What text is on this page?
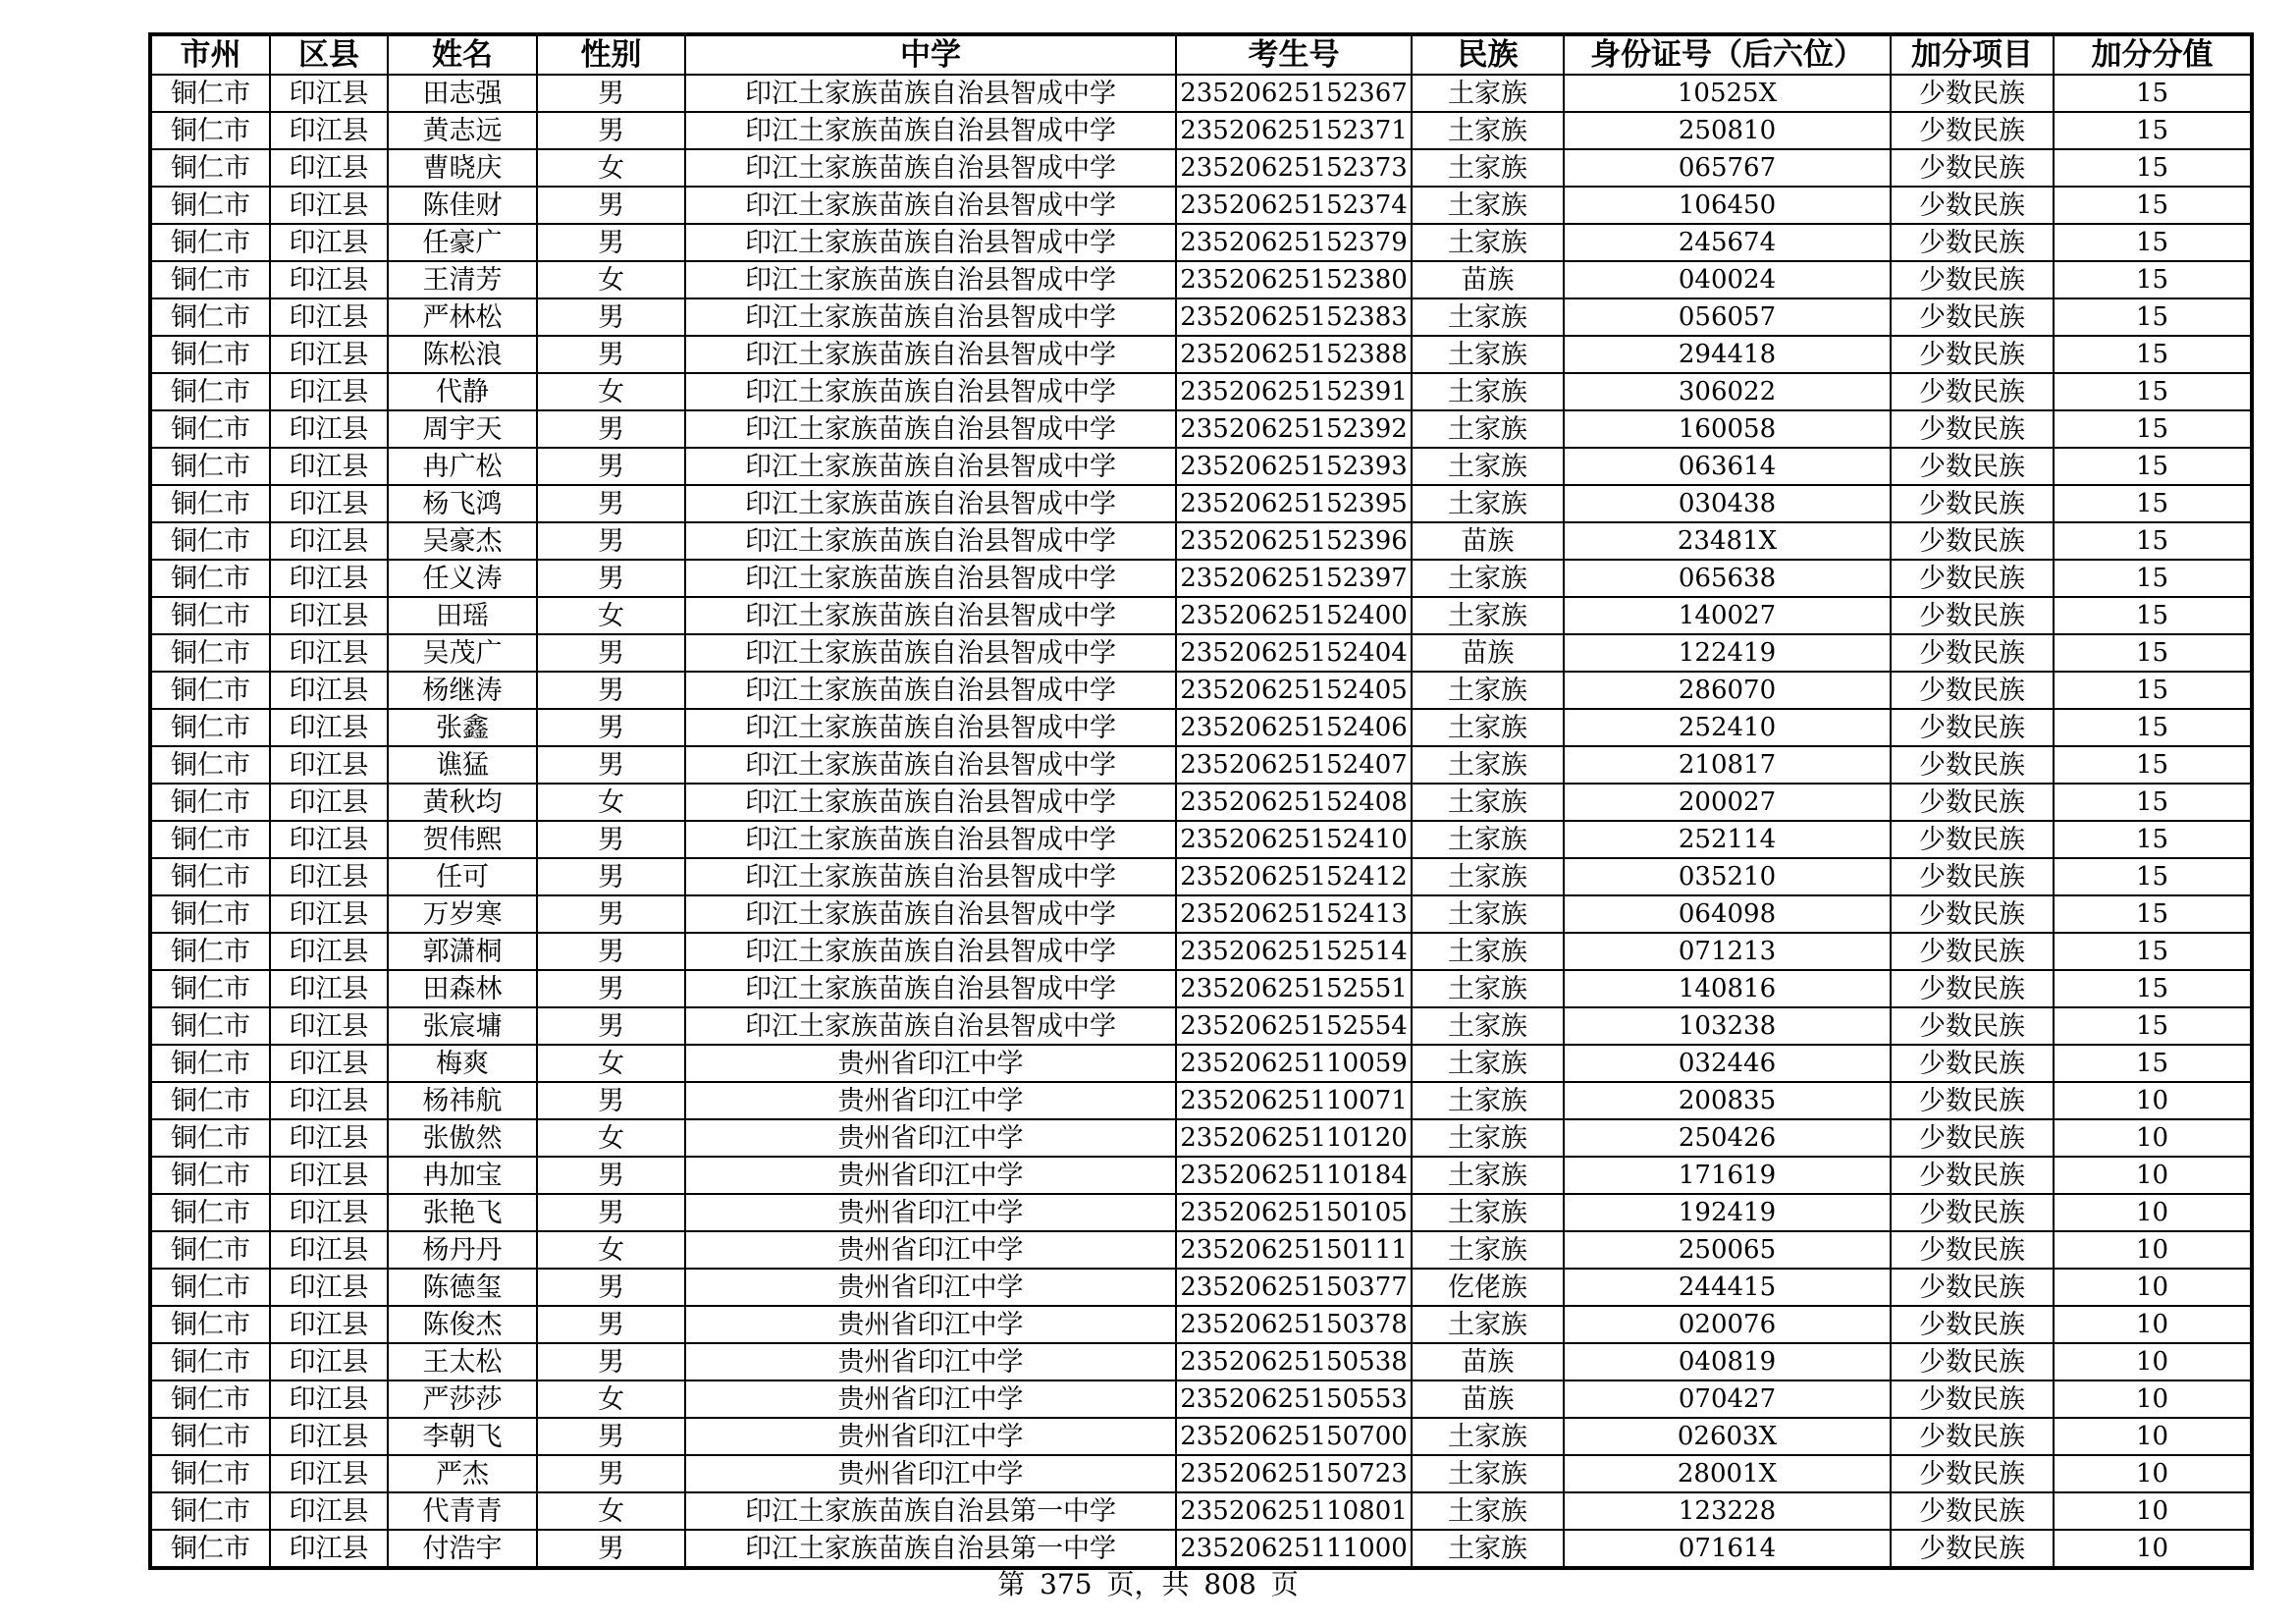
市州	区县	姓名	性别	中学	考生号	民族	身份证号（后六位）	加分项目	加分分值
铜仁市	印江县	田志强	男	印江土家族苗族自治县智成中学	23520625152367	土家族	10525X	少数民族	15
铜仁市	印江县	黄志远	男	印江土家族苗族自治县智成中学	23520625152371	土家族	250810	少数民族	15
铜仁市	印江县	曹晓庆	女	印江土家族苗族自治县智成中学	23520625152373	土家族	065767	少数民族	15
铜仁市	印江县	陈佳财	男	印江土家族苗族自治县智成中学	23520625152374	土家族	106450	少数民族	15
铜仁市	印江县	任豪广	男	印江土家族苗族自治县智成中学	23520625152379	土家族	245674	少数民族	15
铜仁市	印江县	王清芳	女	印江土家族苗族自治县智成中学	23520625152380	苗族	040024	少数民族	15
铜仁市	印江县	严林松	男	印江土家族苗族自治县智成中学	23520625152383	土家族	056057	少数民族	15
铜仁市	印江县	陈松浪	男	印江土家族苗族自治县智成中学	23520625152388	土家族	294418	少数民族	15
铜仁市	印江县	代静	女	印江土家族苗族自治县智成中学	23520625152391	土家族	306022	少数民族	15
铜仁市	印江县	周宇天	男	印江土家族苗族自治县智成中学	23520625152392	土家族	160058	少数民族	15
铜仁市	印江县	冉广松	男	印江土家族苗族自治县智成中学	23520625152393	土家族	063614	少数民族	15
铜仁市	印江县	杨飞鸿	男	印江土家族苗族自治县智成中学	23520625152395	土家族	030438	少数民族	15
铜仁市	印江县	吴豪杰	男	印江土家族苗族自治县智成中学	23520625152396	苗族	23481X	少数民族	15
铜仁市	印江县	任义涛	男	印江土家族苗族自治县智成中学	23520625152397	土家族	065638	少数民族	15
铜仁市	印江县	田瑶	女	印江土家族苗族自治县智成中学	23520625152400	土家族	140027	少数民族	15
铜仁市	印江县	吴茂广	男	印江土家族苗族自治县智成中学	23520625152404	苗族	122419	少数民族	15
铜仁市	印江县	杨继涛	男	印江土家族苗族自治县智成中学	23520625152405	土家族	286070	少数民族	15
铜仁市	印江县	张鑫	男	印江土家族苗族自治县智成中学	23520625152406	土家族	252410	少数民族	15
铜仁市	印江县	谯猛	男	印江土家族苗族自治县智成中学	23520625152407	土家族	210817	少数民族	15
铜仁市	印江县	黄秋均	女	印江土家族苗族自治县智成中学	23520625152408	土家族	200027	少数民族	15
铜仁市	印江县	贺伟熙	男	印江土家族苗族自治县智成中学	23520625152410	土家族	252114	少数民族	15
铜仁市	印江县	任可	男	印江土家族苗族自治县智成中学	23520625152412	土家族	035210	少数民族	15
铜仁市	印江县	万岁寒	男	印江土家族苗族自治县智成中学	23520625152413	土家族	064098	少数民族	15
铜仁市	印江县	郭潇桐	男	印江土家族苗族自治县智成中学	23520625152514	土家族	071213	少数民族	15
铜仁市	印江县	田森林	男	印江土家族苗族自治县智成中学	23520625152551	土家族	140816	少数民族	15
铜仁市	印江县	张宸墉	男	印江土家族苗族自治县智成中学	23520625152554	土家族	103238	少数民族	15
铜仁市	印江县	梅爽	女	贵州省印江中学	23520625110059	土家族	032446	少数民族	15
铜仁市	印江县	杨祎航	男	贵州省印江中学	23520625110071	土家族	200835	少数民族	10
铜仁市	印江县	张傲然	女	贵州省印江中学	23520625110120	土家族	250426	少数民族	10
铜仁市	印江县	冉加宝	男	贵州省印江中学	23520625110184	土家族	171619	少数民族	10
铜仁市	印江县	张艳飞	男	贵州省印江中学	23520625150105	土家族	192419	少数民族	10
铜仁市	印江县	杨丹丹	女	贵州省印江中学	23520625150111	土家族	250065	少数民族	10
铜仁市	印江县	陈德玺	男	贵州省印江中学	23520625150377	仡佬族	244415	少数民族	10
铜仁市	印江县	陈俊杰	男	贵州省印江中学	23520625150378	土家族	020076	少数民族	10
铜仁市	印江县	王太松	男	贵州省印江中学	23520625150538	苗族	040819	少数民族	10
铜仁市	印江县	严莎莎	女	贵州省印江中学	23520625150553	苗族	070427	少数民族	10
铜仁市	印江县	李朝飞	男	贵州省印江中学	23520625150700	土家族	02603X	少数民族	10
铜仁市	印江县	严杰	男	贵州省印江中学	23520625150723	土家族	28001X	少数民族	10
铜仁市	印江县	代青青	女	印江土家族苗族自治县第一中学	23520625110801	土家族	123228	少数民族	10
铜仁市	印江县	付浩宇	男	印江土家族苗族自治县第一中学	23520625111000	土家族	071614	少数民族	10
第 375 页，共 808 页
